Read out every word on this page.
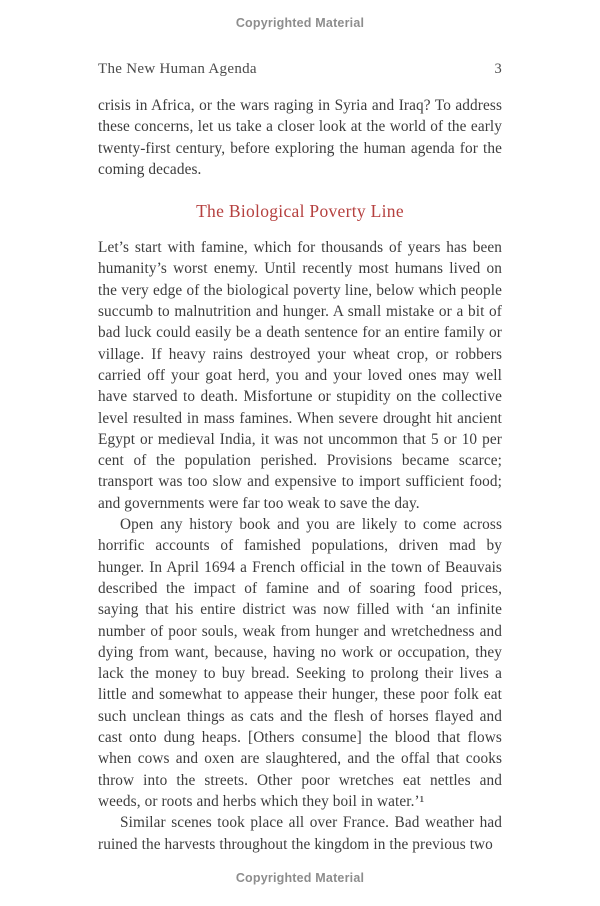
Copyrighted Material
The New Human Agenda	3

crisis in Africa, or the wars raging in Syria and Iraq? To address these concerns, let us take a closer look at the world of the early twenty-first century, before exploring the human agenda for the coming decades.

The Biological Poverty Line

Let’s start with famine, which for thousands of years has been humanity’s worst enemy. Until recently most humans lived on the very edge of the biological poverty line, below which people succumb to malnutrition and hunger. A small mistake or a bit of bad luck could easily be a death sentence for an entire family or village. If heavy rains destroyed your wheat crop, or robbers carried off your goat herd, you and your loved ones may well have starved to death. Misfortune or stupidity on the collective level resulted in mass famines. When severe drought hit ancient Egypt or medieval India, it was not uncommon that 5 or 10 per cent of the population perished. Provisions became scarce; transport was too slow and expensive to import sufficient food; and governments were far too weak to save the day.

Open any history book and you are likely to come across horrific accounts of famished populations, driven mad by hunger. In April 1694 a French official in the town of Beauvais described the impact of famine and of soaring food prices, saying that his entire district was now filled with ‘an infinite number of poor souls, weak from hunger and wretchedness and dying from want, because, having no work or occupation, they lack the money to buy bread. Seeking to prolong their lives a little and somewhat to appease their hunger, these poor folk eat such unclean things as cats and the flesh of horses flayed and cast onto dung heaps. [Others consume] the blood that flows when cows and oxen are slaughtered, and the offal that cooks throw into the streets. Other poor wretches eat nettles and weeds, or roots and herbs which they boil in water.’¹

Similar scenes took place all over France. Bad weather had ruined the harvests throughout the kingdom in the previous two

Copyrighted Material
